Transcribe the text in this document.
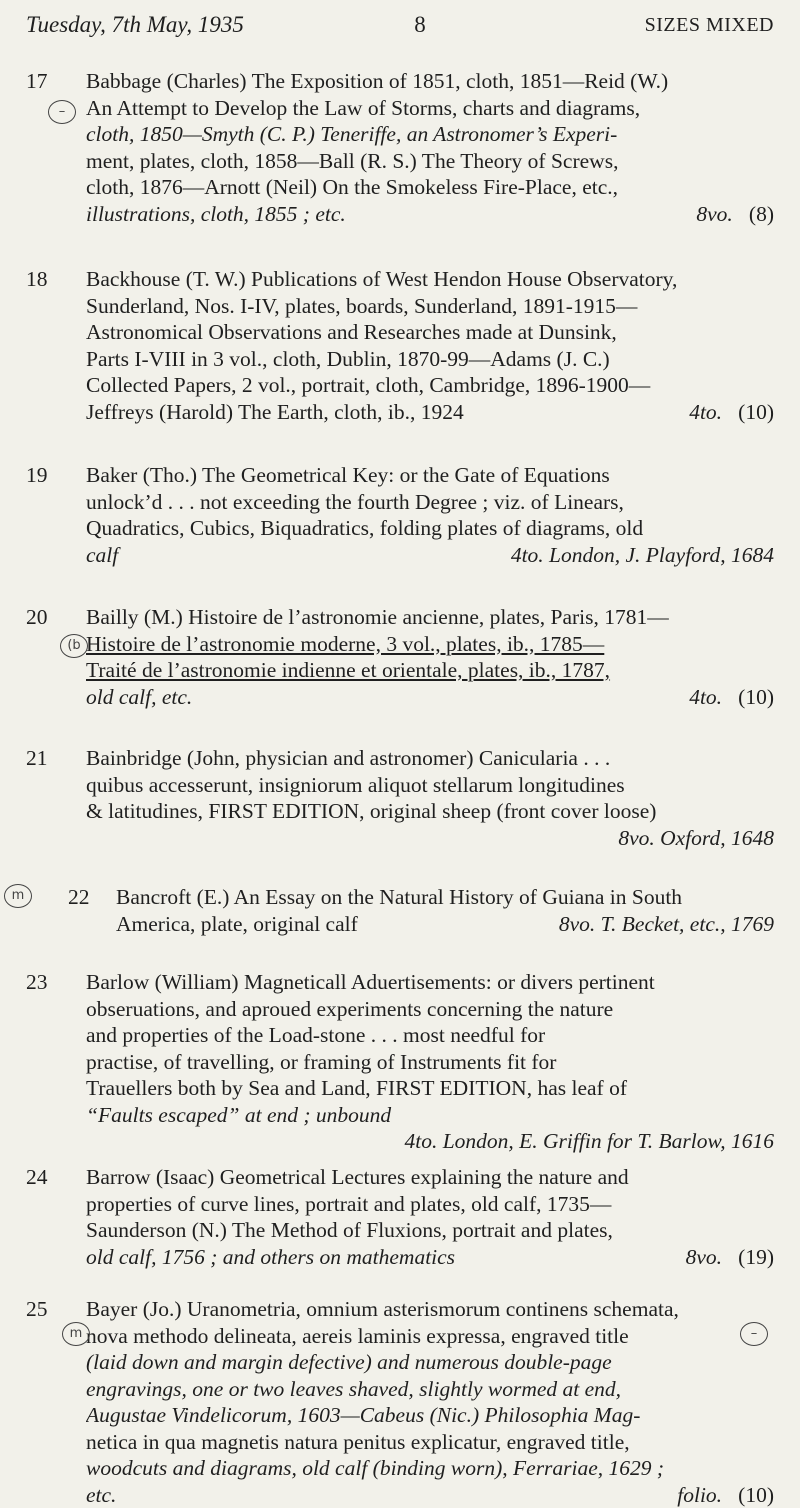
Tuesday, 7th May, 1935	8	SIZES MIXED
17	Babbage (Charles) The Exposition of 1851, cloth, 1851—Reid (W.)
An Attempt to Develop the Law of Storms, charts and diagrams,
cloth, 1850—Smyth (C. P.) Teneriffe, an Astronomer’s Experi-
ment, plates, cloth, 1858—Ball (R. S.) The Theory of Screws,
cloth, 1876—Arnott (Neil) On the Smokeless Fire-Place, etc.,
illustrations, cloth, 1855 ; etc.	8vo. (8)
–
18	Backhouse (T. W.) Publications of West Hendon House Observatory,
Sunderland, Nos. I-IV, plates, boards, Sunderland, 1891-1915—
Astronomical Observations and Researches made at Dunsink,
Parts I-VIII in 3 vol., cloth, Dublin, 1870-99—Adams (J. C.)
Collected Papers, 2 vol., portrait, cloth, Cambridge, 1896-1900—
Jeffreys (Harold) The Earth, cloth, ib., 1924	4to. (10)
19	Baker (Tho.) The Geometrical Key: or the Gate of Equations
unlock’d . . . not exceeding the fourth Degree ; viz. of Linears,
Quadratics, Cubics, Biquadratics, folding plates of diagrams, old
calf	4to. London, J. Playford, 1684
20	Bailly (M.) Histoire de l’astronomie ancienne, plates, Paris, 1781—
Histoire de l’astronomie moderne, 3 vol., plates, ib., 1785—
Traité de l’astronomie indienne et orientale, plates, ib., 1787,
old calf, etc.	4to. (10)
(b
21	Bainbridge (John, physician and astronomer) Canicularia . . .
quibus accesserunt, insigniorum aliquot stellarum longitudines
& latitudines, FIRST EDITION, original sheep (front cover loose)
8vo. Oxford, 1648
22	Bancroft (E.) An Essay on the Natural History of Guiana in South
America, plate, original calf	8vo. T. Becket, etc., 1769
m
23	Barlow (William) Magneticall Aduertisements: or divers pertinent
obseruations, and aproued experiments concerning the nature
and properties of the Load-stone . . . most needful for
practise, of travelling, or framing of Instruments fit for
Trauellers both by Sea and Land, FIRST EDITION, has leaf of
“Faults escaped” at end ; unbound
4to. London, E. Griffin for T. Barlow, 1616
24	Barrow (Isaac) Geometrical Lectures explaining the nature and
properties of curve lines, portrait and plates, old calf, 1735—
Saunderson (N.) The Method of Fluxions, portrait and plates,
old calf, 1756 ; and others on mathematics	8vo. (19)
25	Bayer (Jo.) Uranometria, omnium asterismorum continens schemata,
nova methodo delineata, aereis laminis expressa, engraved title
(laid down and margin defective) and numerous double-page
engravings, one or two leaves shaved, slightly wormed at end,
Augustae Vindelicorum, 1603—Cabeus (Nic.) Philosophia Mag-
netica in qua magnetis natura penitus explicatur, engraved title,
woodcuts and diagrams, old calf (binding worn), Ferrariae, 1629 ;
etc.	folio. (10)
m	–
